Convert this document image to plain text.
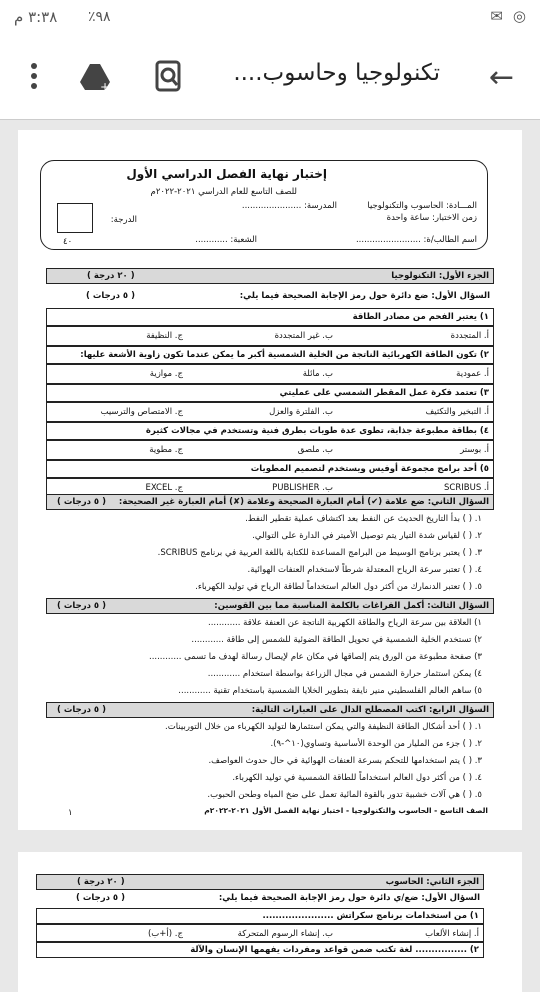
٣:٣٨ م ٩٨٪	✉ ◎
←
تكنولوجيا وحاسوب....
+
إختبار نهاية الفصل الدراسي الأول
للصف التاسع للعام الدراسي ٢٠٢١-٢٠٢٢م
المـــادة: الحاسوب والتكنولوجيا
المدرسة: ......................
زمن الاختبار: ساعة واحدة
الدرجة:
٤٠	اسم الطالب/ة: ........................
الشعبة: ............
الجزء الأول: التكنولوجيا
( ٢٠ درجة )
السؤال الأول: ضع دائرة حول رمز الإجابة الصحيحة فيما يلي:
( ٥ درجات )
١) يعتبر الفحم من مصادر الطاقة
أ. المتجددة
ب. غير المتجددة
ج. النظيفة
٢) تكون الطاقة الكهربائية الناتجة من الخلية الشمسية أكبر ما يمكن عندما تكون زاوية الأشعة عليها:
أ. عمودية
ب. مائلة
ج. موازية
٣) تعتمد فكرة عمل المقطر الشمسي على عمليتي
أ. التبخير والتكثيف
ب. الفلترة والعزل
ج. الامتصاص والترسيب
٤) بطاقة مطبوعة جذابة، تطوى عدة طويات بطرق فنية وتستخدم في مجالات كثيرة
أ. بوستر
ب. ملصق
ج. مطوية
٥) أحد برامج مجموعة أوفيس ويستخدم لتصميم المطويات
أ. SCRIBUS
ب. PUBLISHER
ج. EXCEL
السؤال الثاني: ضع علامة (✔) أمام العبارة الصحيحة وعلامة (✘) أمام العبارة غير الصحيحة:
( ٥ درجات )
١. ( ) بدأ التاريخ الحديث عن النفط بعد اكتشاف عملية تقطير النفط.
٢. ( ) لقياس شدة التيار يتم توصيل الأميتر في الدارة على التوالي.
٣. ( ) يعتبر برنامج الوسيط من البرامج المساعدة للكتابة باللغة العربية في برنامج SCRIBUS.
٤. ( ) تعتبر سرعة الرياح المعتدلة شرطاً لاستخدام العنفات الهوائية.
٥. ( ) تعتبر الدنمارك من أكثر دول العالم استخداماً لطاقة الرياح في توليد الكهرباء.
السؤال الثالث: أكمل الفراغات بالكلمة المناسبة مما بين القوسين:
( ٥ درجات )
١) العلاقة بين سرعة الرياح والطاقة الكهربية الناتجة عن العنفة علاقة ............
٢) تستخدم الخلية الشمسية في تحويل الطاقة الضوئية للشمس إلى طاقة ............
٣) صفحة مطبوعة من الورق يتم إلصاقها في مكان عام لإيصال رسالة لهدف ما تسمى ............
٤) يمكن استثمار حرارة الشمس في مجال الزراعة بواسطة استخدام ............
٥) ساهم العالم الفلسطيني منير نايفة بتطوير الخلايا الشمسية باستخدام تقنية ............
السؤال الرابع: اكتب المصطلح الدال على العبارات التالية:
( ٥ درجات )
١. ( ) أحد أشكال الطاقة النظيفة والتي يمكن استثمارها لتوليد الكهرباء من خلال التوربينات.
٢. ( ) جزء من المليار من الوحدة الأساسية وتساوي(١٠^-٩).
٣. ( ) يتم استخدامها للتحكم بسرعة العنفات الهوائية في حال حدوث العواصف.
٤. ( ) من أكثر دول العالم استخداماً للطاقة الشمسية في توليد الكهرباء.
٥. ( ) هي آلات خشبية تدور بالقوة المائية تعمل على ضخ المياه وطحن الحبوب.
الصف التاسع - الحاسوب والتكنولوجيا - اختبار نهاية الفصل الأول ٢٠٢١-٢٠٢٢م
١
الجزء الثاني: الحاسوب
( ٢٠ درجة )
السؤال الأول: ضع/ي دائرة حول رمز الإجابة الصحيحة فيما يلي:
( ٥ درجات )
١) من استخدامات برنامج سكراتش ......................
أ. إنشاء الألعاب
ب. إنشاء الرسوم المتحركة
ج. (أ+ب)
٢) ................ لغة تكتب ضمن قواعد ومفردات يفهمها الإنسان والآلة
